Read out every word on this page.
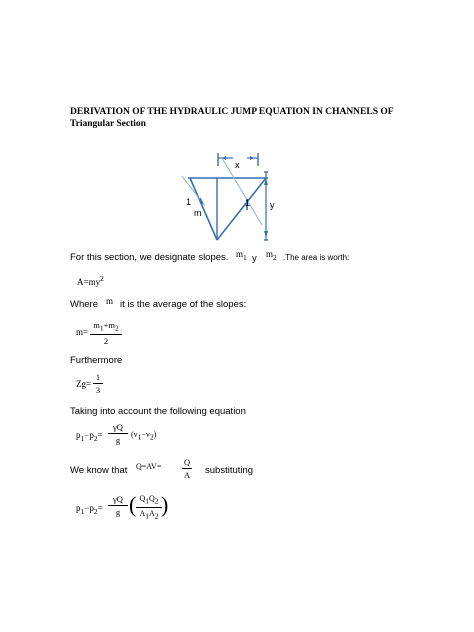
DERIVATION OF THE HYDRAULIC JUMP EQUATION IN CHANNELS OF
Triangular Section
x
1
m
1 y
For this section, we designate slopes. $m_1$ y $m_2$ .The area is worth:
$A=my^2$
Where m it is the average of the slopes:
m=
$m_1+m_2$
2
Furthermore
Zg=
1
3
Taking into account the following equation
$p_1-p_2=$
γQ
g
$(v_1-v_2)$
We know that Q=AV=	Q
A substituting
$p_1-p_2=$
γQ
g ( $Q_1Q_2$
$A_1A_2$ )
